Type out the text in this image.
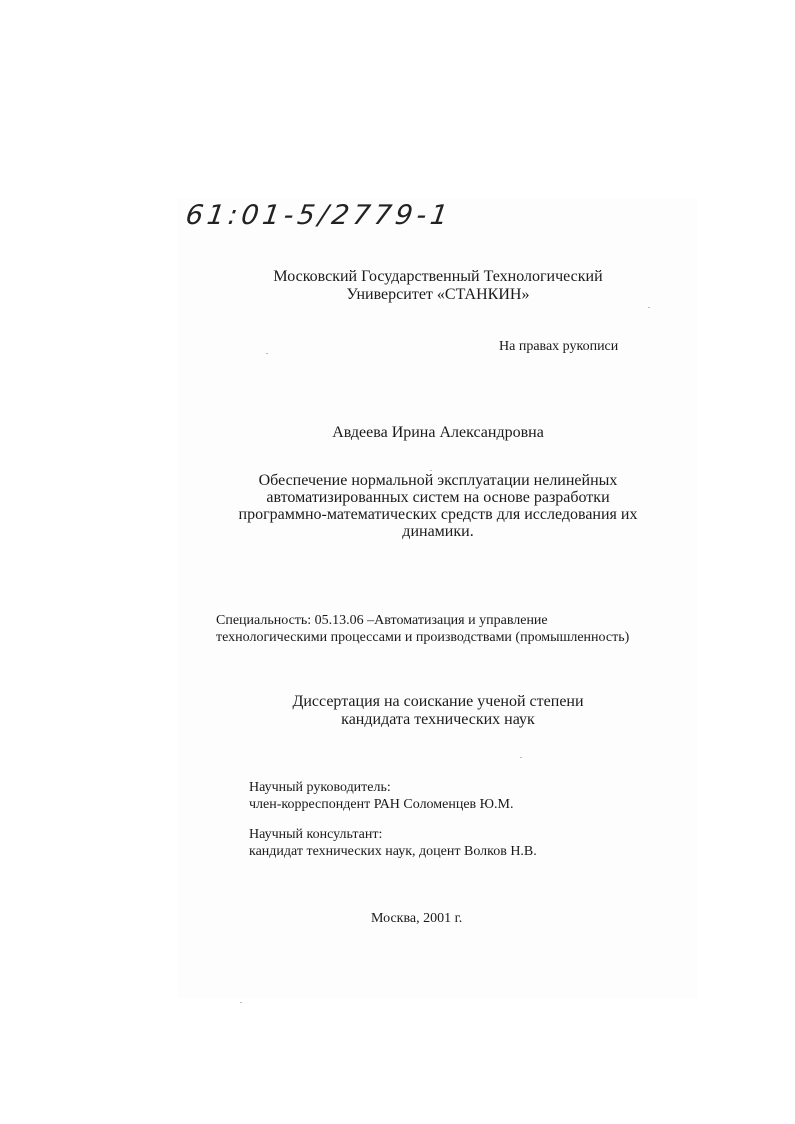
61:01-5/2779-1
Московский Государственный Технологический
Университет «СТАНКИН»
На правах рукописи
Авдеева Ирина Александровна
Обеспечение нормальной эксплуатации нелинейных
автоматизированных систем на основе разработки
программно-математических средств для исследования их
динамики.
Специальность: 05.13.06 –Автоматизация и управление
технологическими процессами и производствами (промышленность)
Диссертация на соискание ученой степени
кандидата технических наук
Научный руководитель:
член-корреспондент РАН Соломенцев Ю.М.
Научный консультант:
кандидат технических наук, доцент Волков Н.В.
Москва, 2001 г.
